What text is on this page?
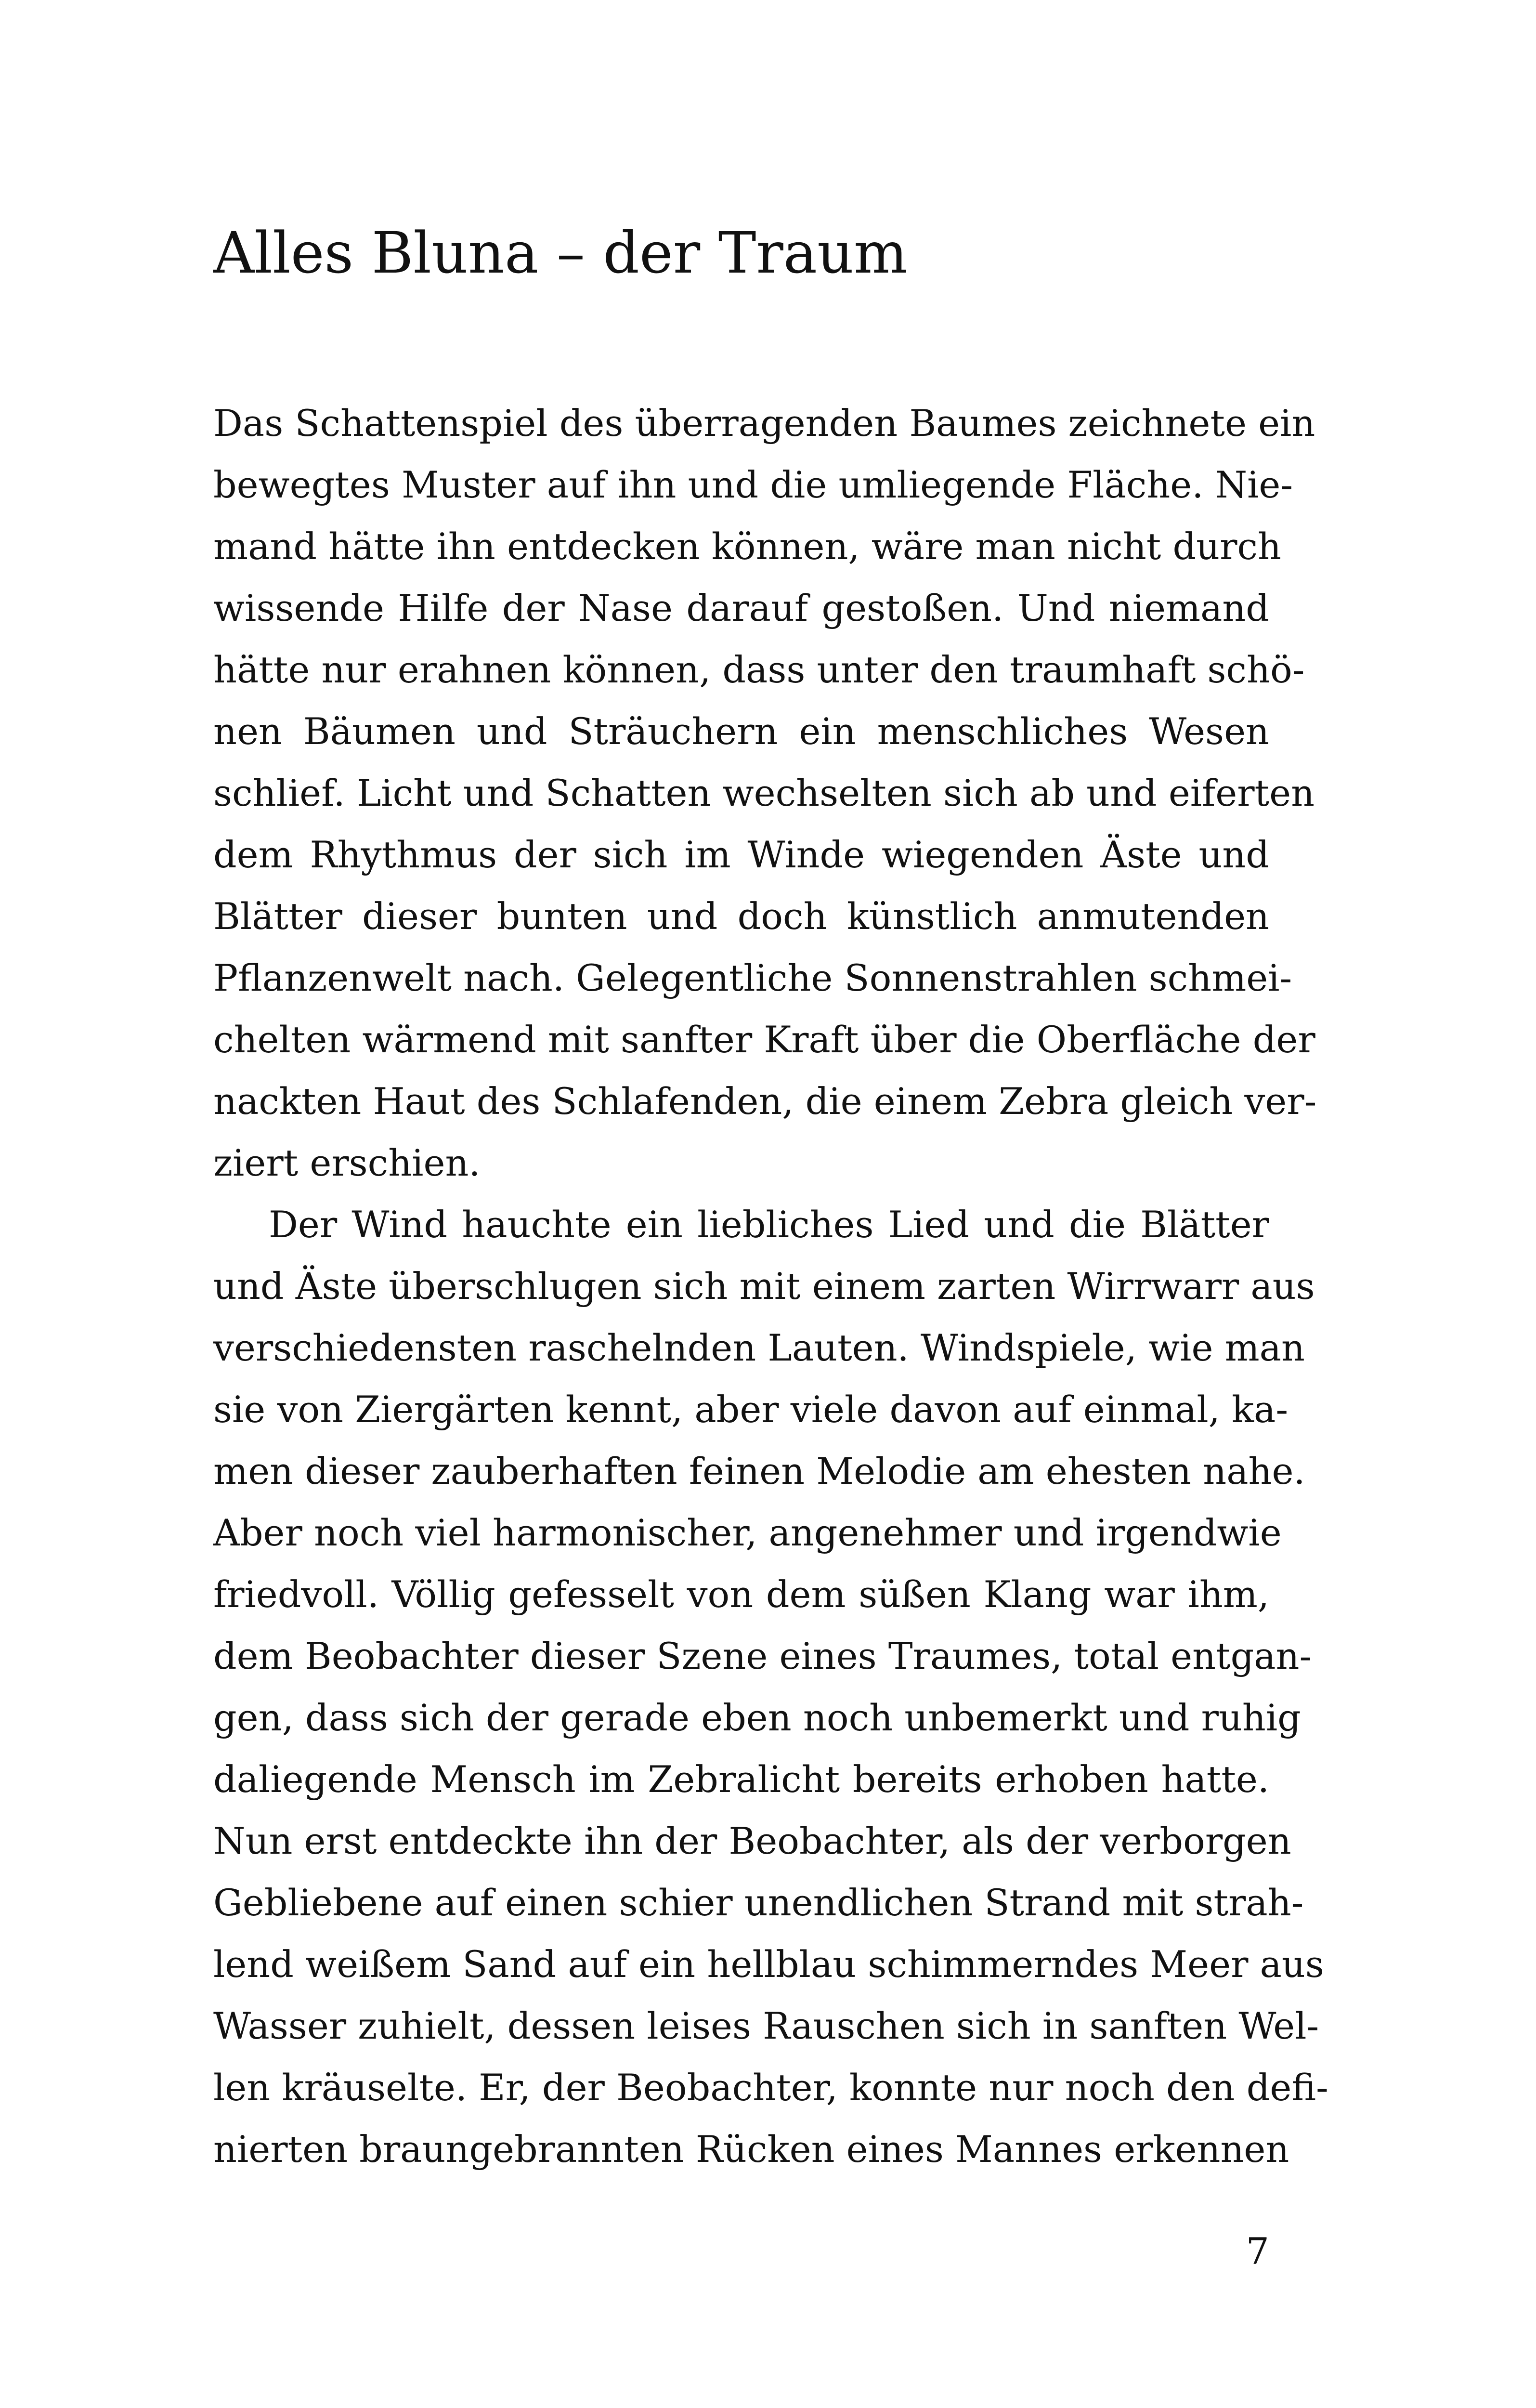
Alles Bluna – der Traum
Das Schattenspiel des überragenden Baumes zeichnete ein
bewegtes Muster auf ihn und die umliegende Fläche. Nie-
mand hätte ihn entdecken können, wäre man nicht durch
wissende Hilfe der Nase darauf gestoßen. Und niemand
hätte nur erahnen können, dass unter den traumhaft schö-
nen Bäumen und Sträuchern ein menschliches Wesen
schlief. Licht und Schatten wechselten sich ab und eiferten
dem Rhythmus der sich im Winde wiegenden Äste und
Blätter dieser bunten und doch künstlich anmutenden
Pflanzenwelt nach. Gelegentliche Sonnenstrahlen schmei-
chelten wärmend mit sanfter Kraft über die Oberfläche der
nackten Haut des Schlafenden, die einem Zebra gleich ver-
ziert erschien.
Der Wind hauchte ein liebliches Lied und die Blätter
und Äste überschlugen sich mit einem zarten Wirrwarr aus
verschiedensten raschelnden Lauten. Windspiele, wie man
sie von Ziergärten kennt, aber viele davon auf einmal, ka-
men dieser zauberhaften feinen Melodie am ehesten nahe.
Aber noch viel harmonischer, angenehmer und irgendwie
friedvoll. Völlig gefesselt von dem süßen Klang war ihm,
dem Beobachter dieser Szene eines Traumes, total entgan-
gen, dass sich der gerade eben noch unbemerkt und ruhig
daliegende Mensch im Zebralicht bereits erhoben hatte.
Nun erst entdeckte ihn der Beobachter, als der verborgen
Gebliebene auf einen schier unendlichen Strand mit strah-
lend weißem Sand auf ein hellblau schimmerndes Meer aus
Wasser zuhielt, dessen leises Rauschen sich in sanften Wel-
len kräuselte. Er, der Beobachter, konnte nur noch den defi-
nierten braungebrannten Rücken eines Mannes erkennen
7
